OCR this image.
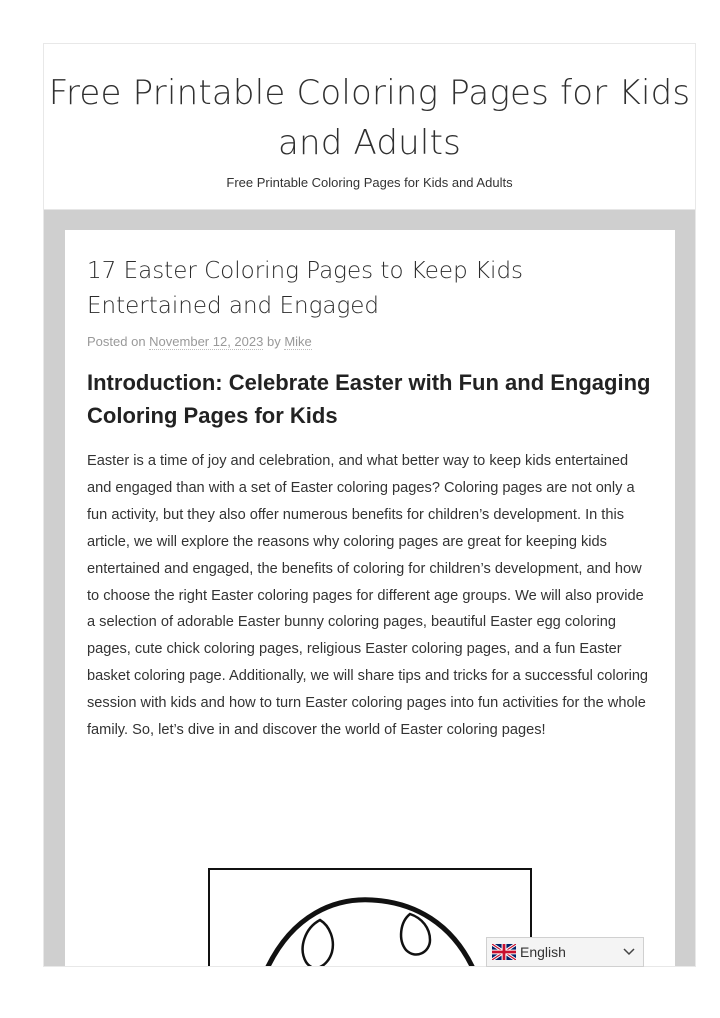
Free Printable Coloring Pages for Kids and Adults

Free Printable Coloring Pages for Kids and Adults

17 Easter Coloring Pages to Keep Kids Entertained and Engaged
Posted on November 12, 2023 by Mike
Introduction: Celebrate Easter with Fun and Engaging Coloring Pages for Kids

Easter is a time of joy and celebration, and what better way to keep kids entertained and engaged than with a set of Easter coloring pages? Coloring pages are not only a fun activity, but they also offer numerous benefits for children’s development. In this article, we will explore the reasons why coloring pages are great for keeping kids entertained and engaged, the benefits of coloring for children’s development, and how to choose the right Easter coloring pages for different age groups. We will also provide a selection of adorable Easter bunny coloring pages, beautiful Easter egg coloring pages, cute chick coloring pages, religious Easter coloring pages, and a fun Easter basket coloring page. Additionally, we will share tips and tricks for a successful coloring session with kids and how to turn Easter coloring pages into fun activities for the whole family. So, let’s dive in and discover the world of Easter coloring pages!

English
